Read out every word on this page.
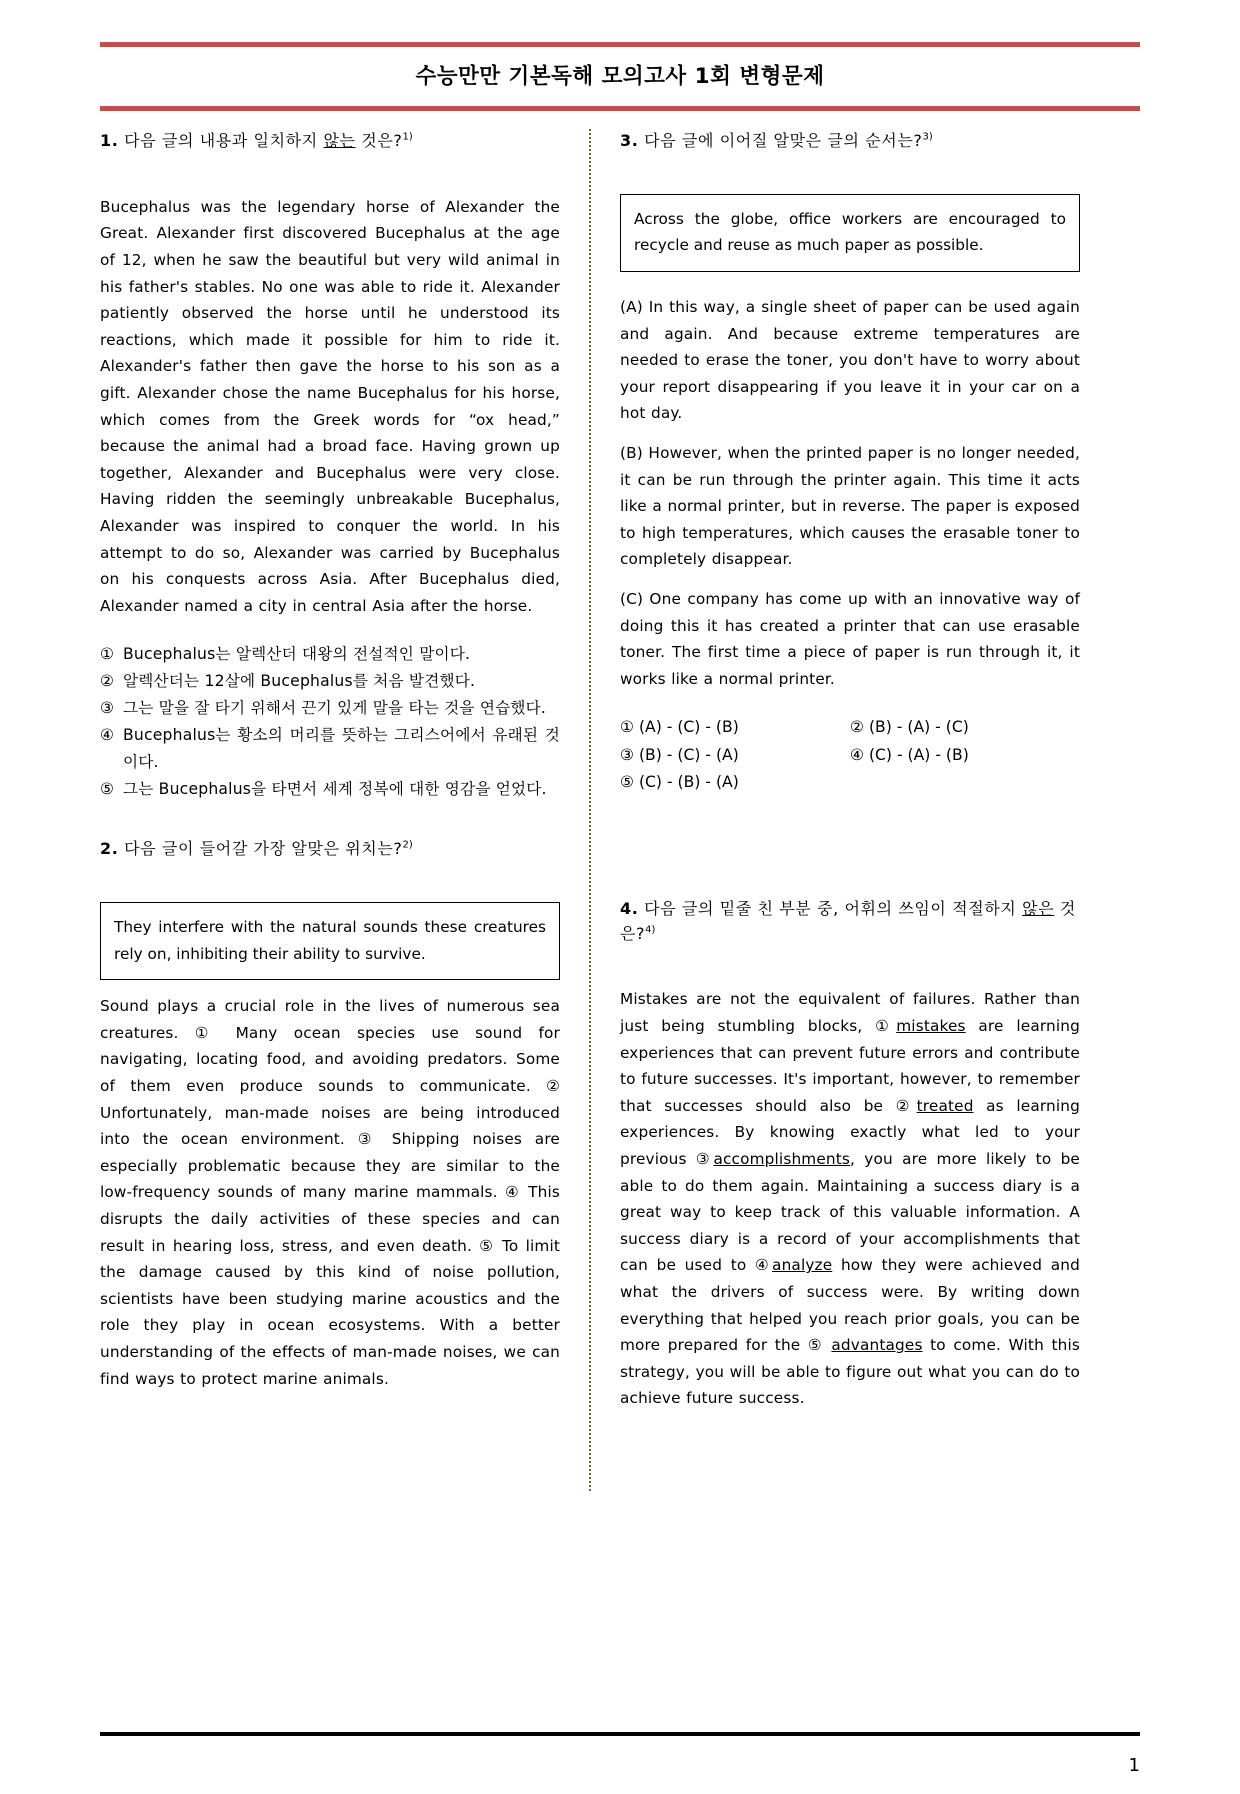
수능만만 기본독해 모의고사 1회 변형문제
1. 다음 글의 내용과 일치하지 않는 것은?$^{1)}$
Bucephalus was the legendary horse of Alexander the Great. Alexander first discovered Bucephalus at the age of 12, when he saw the beautiful but very wild animal in his father's stables. No one was able to ride it. Alexander patiently observed the horse until he understood its reactions, which made it possible for him to ride it. Alexander's father then gave the horse to his son as a gift. Alexander chose the name Bucephalus for his horse, which comes from the Greek words for “ox head,” because the animal had a broad face. Having grown up together, Alexander and Bucephalus were very close. Having ridden the seemingly unbreakable Bucephalus, Alexander was inspired to conquer the world. In his attempt to do so, Alexander was carried by Bucephalus on his conquests across Asia. After Bucephalus died, Alexander named a city in central Asia after the horse.
① Bucephalus는 알렉산더 대왕의 전설적인 말이다.
② 알렉산더는 12살에 Bucephalus를 처음 발견했다.
③ 그는 말을 잘 타기 위해서 끈기 있게 말을 타는 것을 연습했다.
④ Bucephalus는 황소의 머리를 뜻하는 그리스어에서 유래된 것이다.
⑤ 그는 Bucephalus을 타면서 세계 정복에 대한 영감을 얻었다.
2. 다음 글이 들어갈 가장 알맞은 위치는?$^{2)}$
They interfere with the natural sounds these creatures rely on, inhibiting their ability to survive.
Sound plays a crucial role in the lives of numerous sea creatures. ① Many ocean species use sound for navigating, locating food, and avoiding predators. Some of them even produce sounds to communicate. ② Unfortunately, man-made noises are being introduced into the ocean environment. ③ Shipping noises are especially problematic because they are similar to the low-frequency sounds of many marine mammals. ④ This disrupts the daily activities of these species and can result in hearing loss, stress, and even death. ⑤ To limit the damage caused by this kind of noise pollution, scientists have been studying marine acoustics and the role they play in ocean ecosystems. With a better understanding of the effects of man-made noises, we can find ways to protect marine animals.
3. 다음 글에 이어질 알맞은 글의 순서는?$^{3)}$
Across the globe, office workers are encouraged to recycle and reuse as much paper as possible.
(A) In this way, a single sheet of paper can be used again and again. And because extreme temperatures are needed to erase the toner, you don't have to worry about your report disappearing if you leave it in your car on a hot day.
(B) However, when the printed paper is no longer needed, it can be run through the printer again. This time it acts like a normal printer, but in reverse. The paper is exposed to high temperatures, which causes the erasable toner to completely disappear.
(C) One company has come up with an innovative way of doing this it has created a printer that can use erasable toner. The first time a piece of paper is run through it, it works like a normal printer.
① (A) - (C) - (B)	② (B) - (A) - (C)
③ (B) - (C) - (A)	④ (C) - (A) - (B)
⑤ (C) - (B) - (A)
4. 다음 글의 밑줄 친 부분 중, 어휘의 쓰임이 적절하지 않은 것은?$^{4)}$
Mistakes are not the equivalent of failures. Rather than just being stumbling blocks, ①mistakes are learning experiences that can prevent future errors and contribute to future successes. It's important, however, to remember that successes should also be ②treated as learning experiences. By knowing exactly what led to your previous ③accomplishments, you are more likely to be able to do them again. Maintaining a success diary is a great way to keep track of this valuable information. A success diary is a record of your accomplishments that can be used to ④analyze how they were achieved and what the drivers of success were. By writing down everything that helped you reach prior goals, you can be more prepared for the ⑤ advantages to come. With this strategy, you will be able to figure out what you can do to achieve future success.
1
